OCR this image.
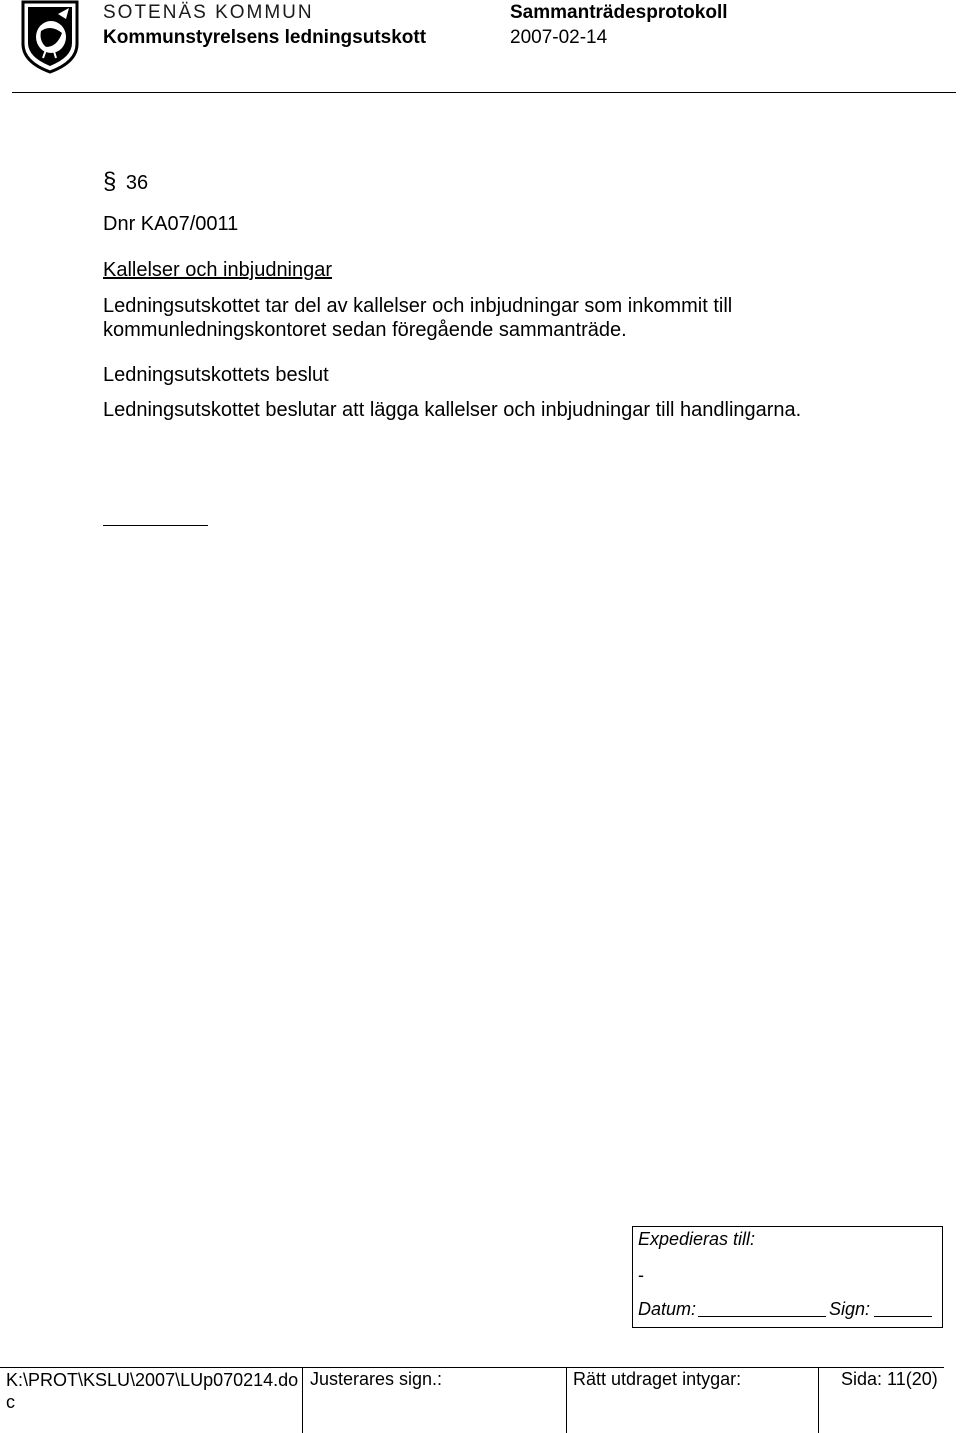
SOTENÄS KOMMUN
Kommunstyrelsens ledningsutskott
Sammanträdesprotokoll
2007-02-14
§ 36
Dnr KA07/0011
Kallelser och inbjudningar
Ledningsutskottet tar del av kallelser och inbjudningar som inkommit till kommunledningskontoret sedan föregående sammanträde.
Ledningsutskottets beslut
Ledningsutskottet beslutar att lägga kallelser och inbjudningar till handlingarna.
Expedieras till:
-
Datum:	Sign:
K:\PROT\KSLU\2007\LUp070214.doc
Justerares sign.:	Rätt utdraget intygar:	Sida: 11(20)
